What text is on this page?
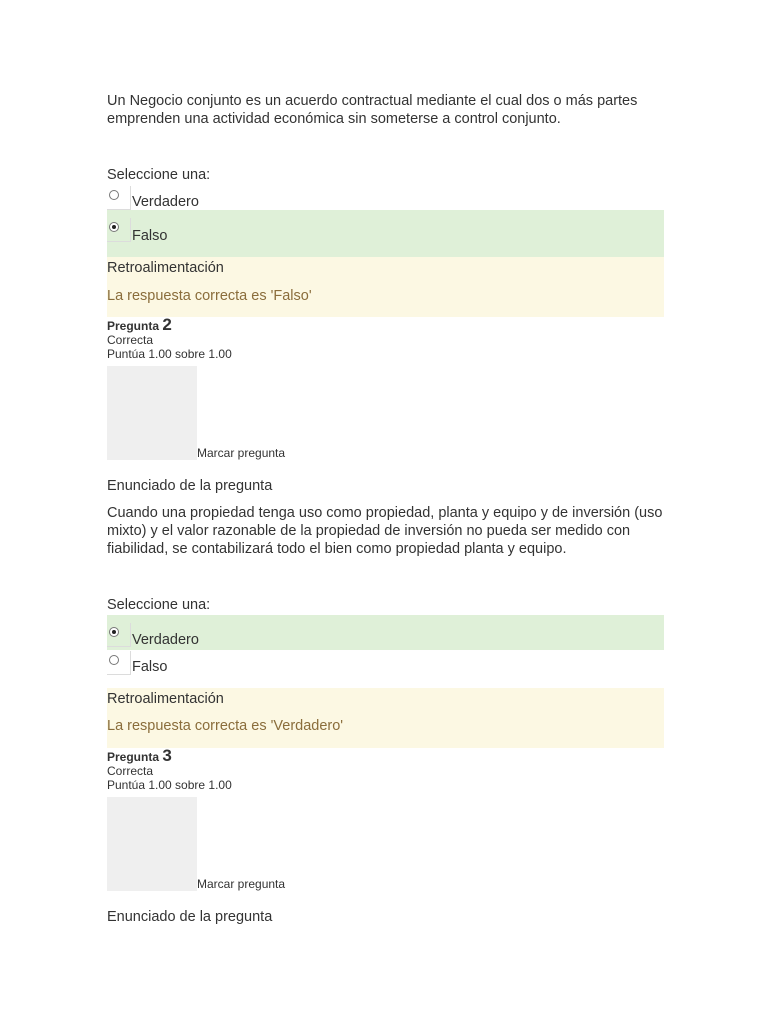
Un Negocio conjunto es un acuerdo contractual mediante el cual dos o más partes emprenden una actividad económica sin someterse a control conjunto.
Seleccione una:
Verdadero
Falso
Retroalimentación
La respuesta correcta es 'Falso'
Pregunta 2
Correcta
Puntúa 1.00 sobre 1.00
Marcar pregunta
Enunciado de la pregunta
Cuando una propiedad tenga uso como propiedad, planta y equipo y de inversión (uso mixto) y el valor razonable de la propiedad de inversión no pueda ser medido con fiabilidad, se contabilizará todo el bien como propiedad planta y equipo.
Seleccione una:
Verdadero
Falso
Retroalimentación
La respuesta correcta es 'Verdadero'
Pregunta 3
Correcta
Puntúa 1.00 sobre 1.00
Marcar pregunta
Enunciado de la pregunta
